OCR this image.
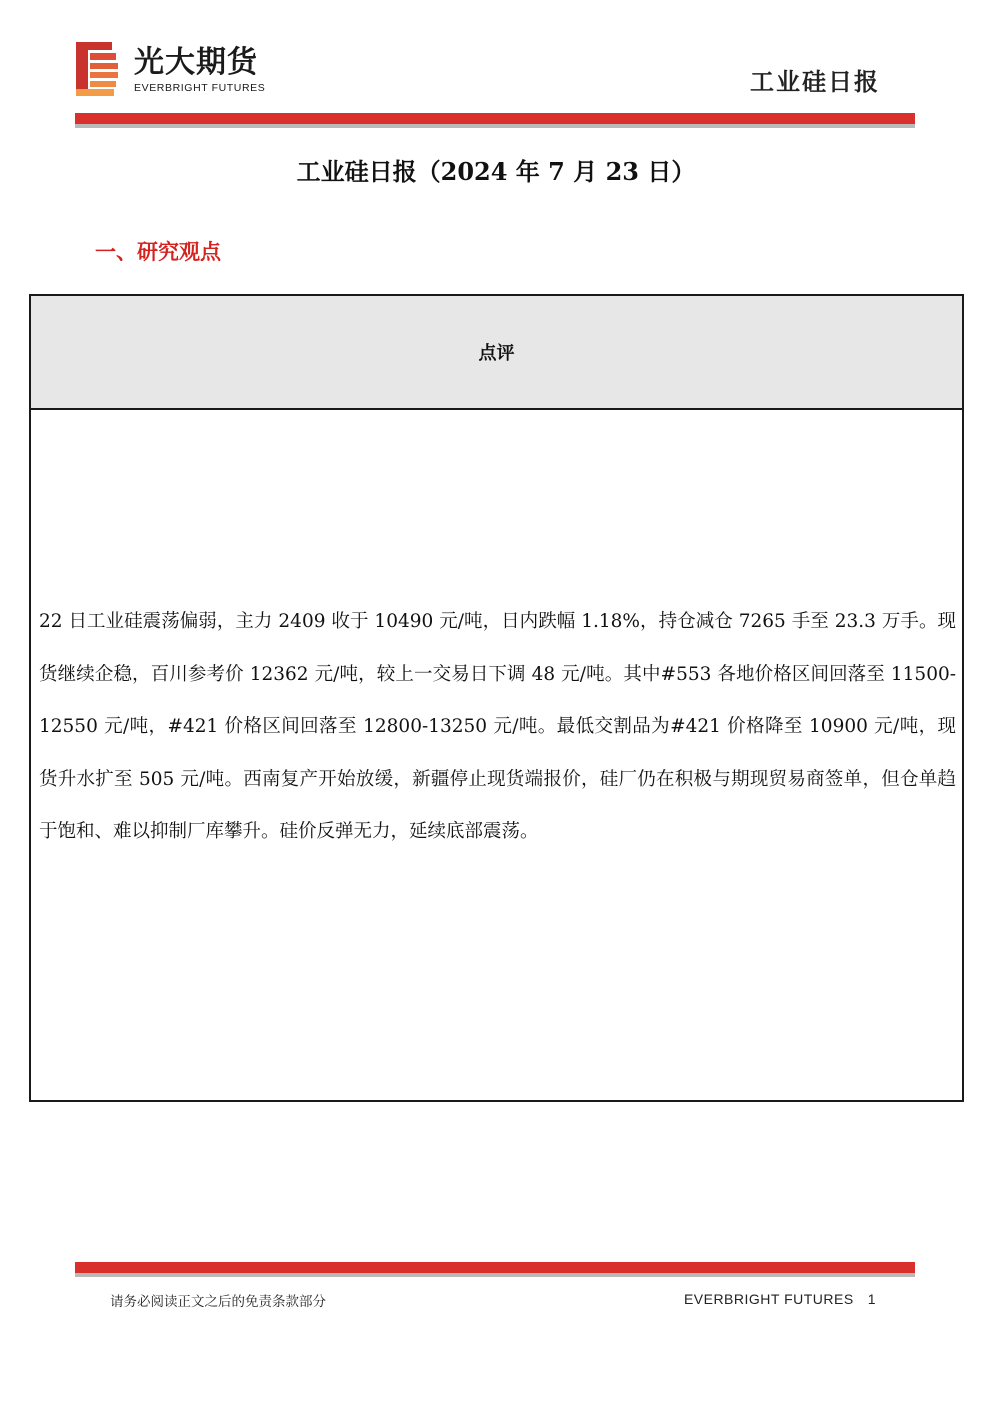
光大期货
EVERBRIGHT FUTURES	工业硅日报
工业硅日报（2024 年 7 月 23 日）
一、研究观点
点评
22 日工业硅震荡偏弱，主力 2409 收于 10490 元/吨，日内跌幅 1.18%，持仓减仓 7265 手至 23.3 万手。现货继续企稳，百川参考价 12362 元/吨，较上一交易日下调 48 元/吨。其中#553 各地价格区间回落至 11500-12550 元/吨，#421 价格区间回落至 12800-13250 元/吨。最低交割品为#421 价格降至 10900 元/吨，现货升水扩至 505 元/吨。西南复产开始放缓，新疆停止现货端报价，硅厂仍在积极与期现贸易商签单，但仓单趋于饱和、难以抑制厂库攀升。硅价反弹无力，延续底部震荡。
请务必阅读正文之后的免责条款部分	EVERBRIGHT FUTURES 1
